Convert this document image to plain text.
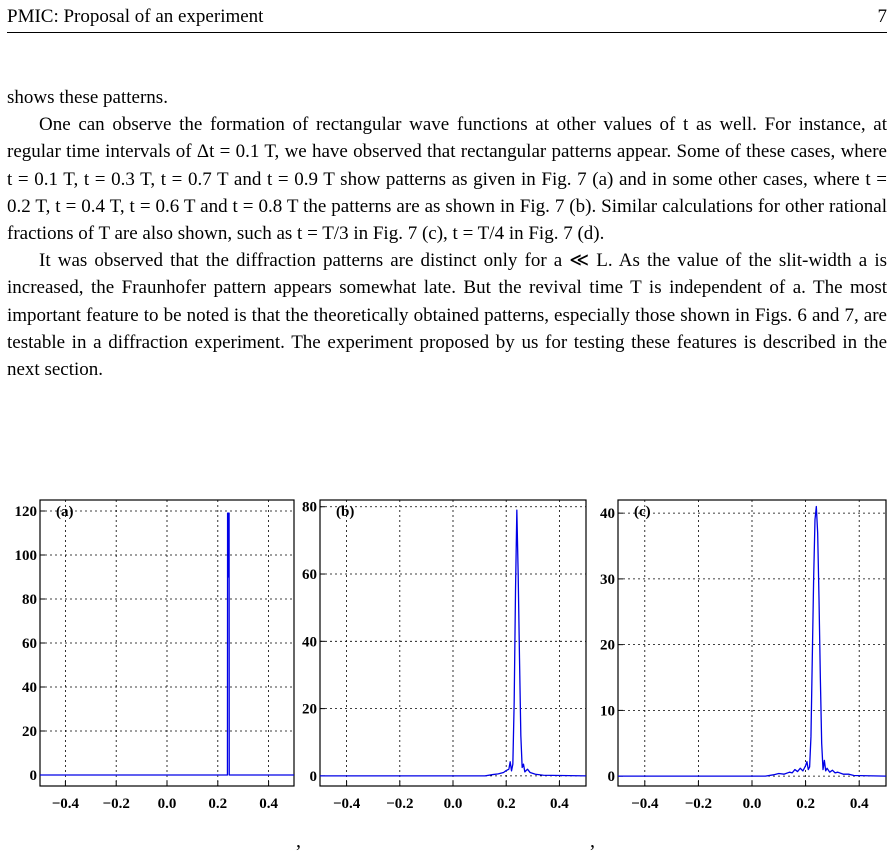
PMIC: Proposal of an experiment	7

shows these patterns.

One can observe the formation of rectangular wave functions at other values of t as well. For instance, at regular time intervals of Δt = 0.1 T, we have observed that rectangular patterns appear. Some of these cases, where t = 0.1 T, t = 0.3 T, t = 0.7 T and t = 0.9 T show patterns as given in Fig. 7 (a) and in some other cases, where t = 0.2 T, t = 0.4 T, t = 0.6 T and t = 0.8 T the patterns are as shown in Fig. 7 (b). Similar calculations for other rational fractions of T are also shown, such as t = T/3 in Fig. 7 (c), t = T/4 in Fig. 7 (d).

It was observed that the diffraction patterns are distinct only for a ≪ L. As the value of the slit-width a is increased, the Fraunhofer pattern appears somewhat late. But the revival time T is independent of a. The most important feature to be noted is that the theoretically obtained patterns, especially those shown in Figs. 6 and 7, are testable in a diffraction experiment. The experiment proposed by us for testing these features is described in the next section.

−0.4 −0.2 0.0 0.2 0.4
0
20
40
60
80
100
120 (a)
,
−0.4 −0.2 0.0 0.2 0.4
0
20
40
60
80 (b)
,
−0.4 −0.2 0.0 0.2 0.4
0
10
20
30
40 (c)
